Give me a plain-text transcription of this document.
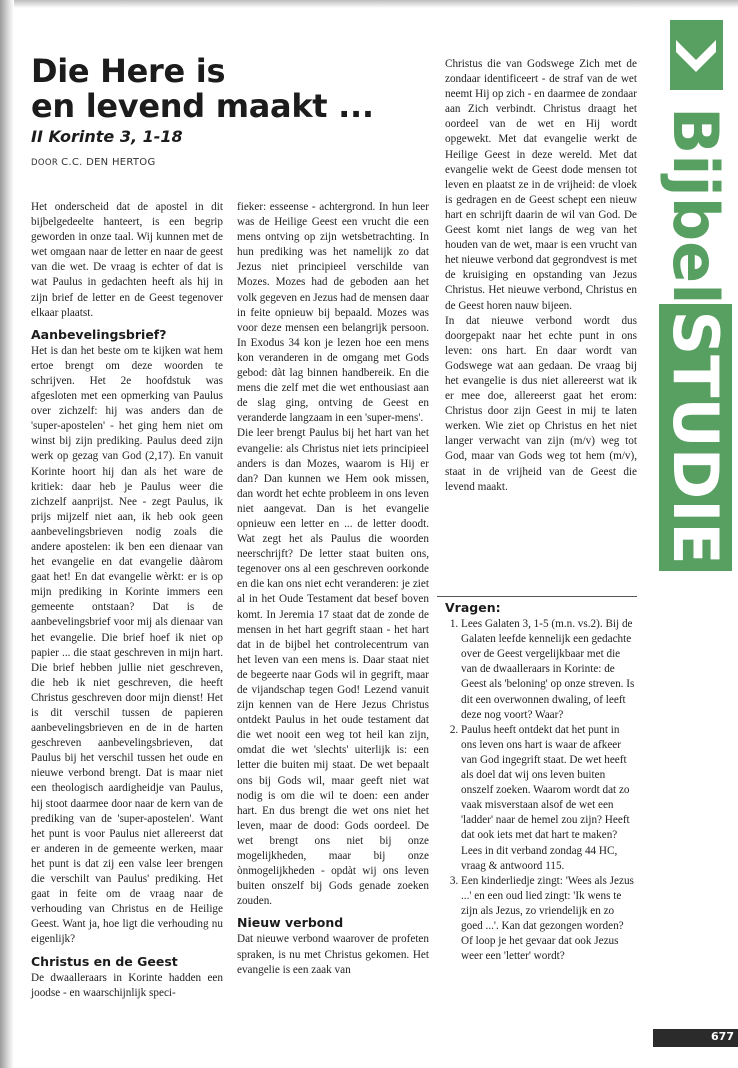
Die Here is
en levend maakt ...
II Korinte 3, 1-18
DOOR C.C. DEN HERTOG

Het onderscheid dat de apostel in dit bijbelgedeelte hanteert, is een begrip geworden in onze taal. Wij kunnen met de wet omgaan naar de letter en naar de geest van die wet. De vraag is echter of dat is wat Paulus in gedachten heeft als hij in zijn brief de letter en de Geest tegenover elkaar plaatst.

Aanbevelingsbrief?

Het is dan het beste om te kijken wat hem ertoe brengt om deze woorden te schrijven. Het 2e hoofdstuk was afgesloten met een opmerking van Paulus over zichzelf: hij was anders dan de 'super-apostelen' - het ging hem niet om winst bij zijn prediking. Paulus deed zijn werk op gezag van God (2,17). En vanuit Korinte hoort hij dan als het ware de kritiek: daar heb je Paulus weer die zichzelf aanprijst. Nee - zegt Paulus, ik prijs mijzelf niet aan, ik heb ook geen aanbevelingsbrieven nodig zoals die andere apostelen: ik ben een dienaar van het evangelie en dat evangelie dààrom gaat het! En dat evangelie wèrkt: er is op mijn prediking in Korinte immers een gemeente ontstaan? Dat is de aanbevelingsbrief voor mij als dienaar van het evangelie. Die brief hoef ik niet op papier ... die staat geschreven in mijn hart. Die brief hebben jullie niet geschreven, die heb ik niet geschreven, die heeft Christus geschreven door mijn dienst! Het is dit verschil tussen de papieren aanbevelingsbrieven en de in de harten geschreven aanbevelingsbrieven, dat Paulus bij het verschil tussen het oude en nieuwe verbond brengt. Dat is maar niet een theologisch aardigheidje van Paulus, hij stoot daarmee door naar de kern van de prediking van de 'super-apostelen'. Want het punt is voor Paulus niet allereerst dat er anderen in de gemeente werken, maar het punt is dat zij een valse leer brengen die verschilt van Paulus' prediking. Het gaat in feite om de vraag naar de verhouding van Christus en de Heilige Geest. Want ja, hoe ligt die verhouding nu eigenlijk?

Christus en de Geest

De dwaalleraars in Korinte hadden een joodse - en waarschijnlijk speci-

fieker: esseense - achtergrond. In hun leer was de Heilige Geest een vrucht die een mens ontving op zijn wetsbetrachting. In hun prediking was het namelijk zo dat Jezus niet principieel verschilde van Mozes. Mozes had de geboden aan het volk gegeven en Jezus had de mensen daar in feite opnieuw bij bepaald. Mozes was voor deze mensen een belangrijk persoon. In Exodus 34 kon je lezen hoe een mens kon veranderen in de omgang met Gods gebod: dàt lag binnen handbereik. En die mens die zelf met die wet enthousiast aan de slag ging, ontving de Geest en veranderde langzaam in een 'super-mens'.

Die leer brengt Paulus bij het hart van het evangelie: als Christus niet iets principieel anders is dan Mozes, waarom is Hij er dan? Dan kunnen we Hem ook missen, dan wordt het echte probleem in ons leven niet aangevat. Dan is het evangelie opnieuw een letter en ... de letter doodt. Wat zegt het als Paulus die woorden neerschrijft? De letter staat buiten ons, tegenover ons al een geschreven oorkonde en die kan ons niet echt veranderen: je ziet al in het Oude Testament dat besef boven komt. In Jeremia 17 staat dat de zonde de mensen in het hart gegrift staan - het hart dat in de bijbel het controlecentrum van het leven van een mens is. Daar staat niet de begeerte naar Gods wil in gegrift, maar de vijandschap tegen God! Lezend vanuit zijn kennen van de Here Jezus Christus ontdekt Paulus in het oude testament dat die wet nooit een weg tot heil kan zijn, omdat die wet 'slechts' uiterlijk is: een letter die buiten mij staat. De wet bepaalt ons bij Gods wil, maar geeft niet wat nodig is om die wil te doen: een ander hart. En dus brengt die wet ons niet het leven, maar de dood: Gods oordeel. De wet brengt ons niet bij onze mogelijkheden, maar bij onze ònmogelijkheden - opdàt wij ons leven buiten onszelf bij Gods genade zoeken zouden.

Nieuw verbond

Dat nieuwe verbond waarover de profeten spraken, is nu met Christus gekomen. Het evangelie is een zaak van

Christus die van Godswege Zich met de zondaar identificeert - de straf van de wet neemt Hij op zich - en daarmee de zondaar aan Zich verbindt. Christus draagt het oordeel van de wet en Hij wordt opgewekt. Met dat evangelie werkt de Heilige Geest in deze wereld. Met dat evangelie wekt de Geest dode mensen tot leven en plaatst ze in de vrijheid: de vloek is gedragen en de Geest schept een nieuw hart en schrijft daarin de wil van God. De Geest komt niet langs de weg van het houden van de wet, maar is een vrucht van het nieuwe verbond dat gegrondvest is met de kruisiging en opstanding van Jezus Christus. Het nieuwe verbond, Christus en de Geest horen nauw bijeen.

In dat nieuwe verbond wordt dus doorgepakt naar het echte punt in ons leven: ons hart. En daar wordt van Godswege wat aan gedaan. De vraag bij het evangelie is dus niet allereerst wat ik er mee doe, allereerst gaat het erom: Christus door zijn Geest in mij te laten werken. Wie ziet op Christus en het niet langer verwacht van zijn (m/v) weg tot God, maar van Gods weg tot hem (m/v), staat in de vrijheid van de Geest die levend maakt.

Vragen:
1. Lees Galaten 3, 1-5 (m.n. vs.2). Bij de Galaten leefde kennelijk een gedachte over de Geest vergelijkbaar met die van de dwaalleraars in Korinte: de Geest als 'beloning' op onze streven. Is dit een overwonnen dwaling, of leeft deze nog voort? Waar?
2. Paulus heeft ontdekt dat het punt in ons leven ons hart is waar de afkeer van God ingegrift staat. De wet heeft als doel dat wij ons leven buiten onszelf zoeken. Waarom wordt dat zo vaak misverstaan alsof de wet een 'ladder' naar de hemel zou zijn? Heeft dat ook iets met dat hart te maken? Lees in dit verband zondag 44 HC, vraag & antwoord 115.
3. Een kinderliedje zingt: 'Wees als Jezus ...' en een oud lied zingt: 'Ik wens te zijn als Jezus, zo vriendelijk en zo goed ...'. Kan dat gezongen worden? Of loop je het gevaar dat ook Jezus weer een 'letter' wordt?
BijbelSTUDIE
677
